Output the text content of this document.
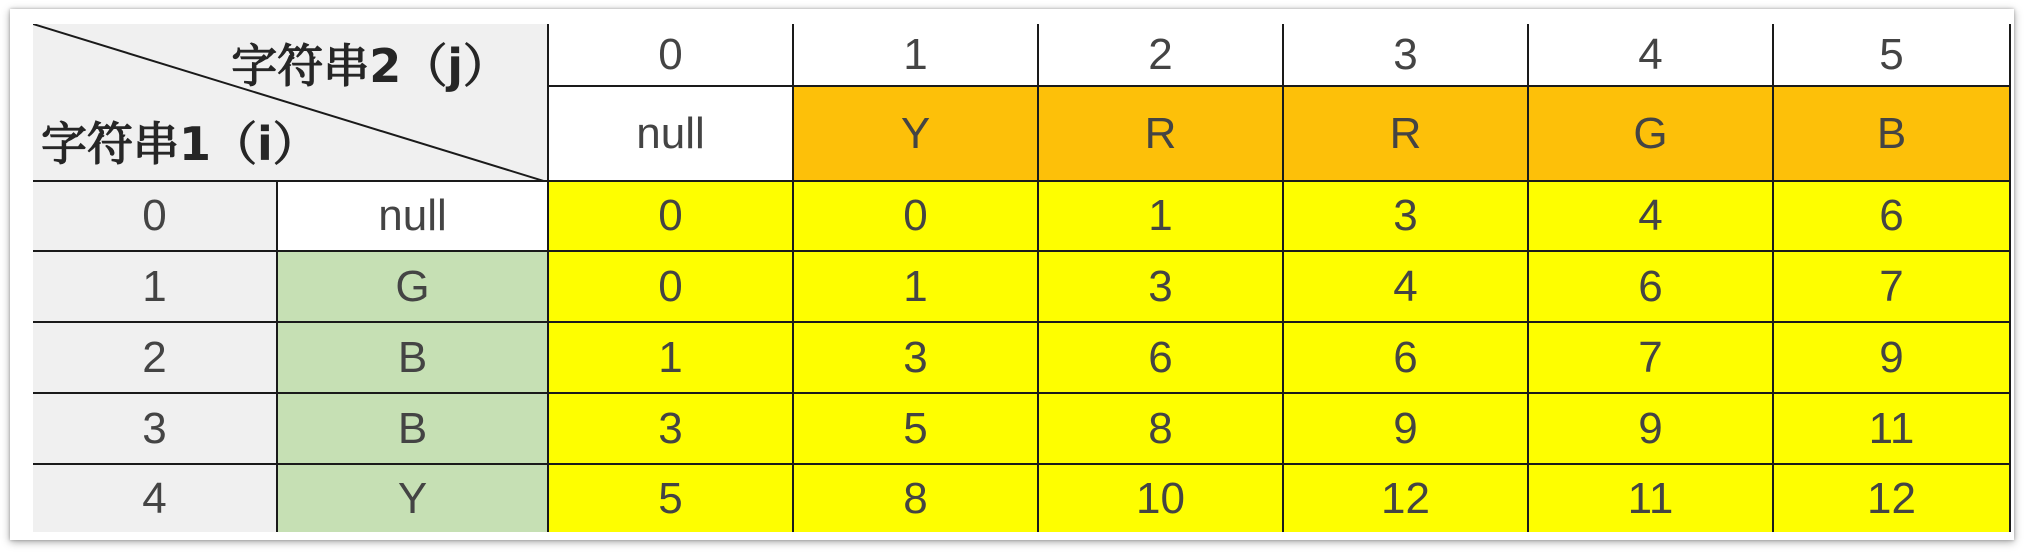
字符串2（j）
字符串1（i）
0	1	2	3	4	5
null	Y	R	R	G	B
0	null	0	0	1	3	4	6
1	G	0	1	3	4	6	7
2	B	1	3	6	6	7	9
3	B	3	5	8	9	9	11
4	Y	5	8	10	12	11	12
